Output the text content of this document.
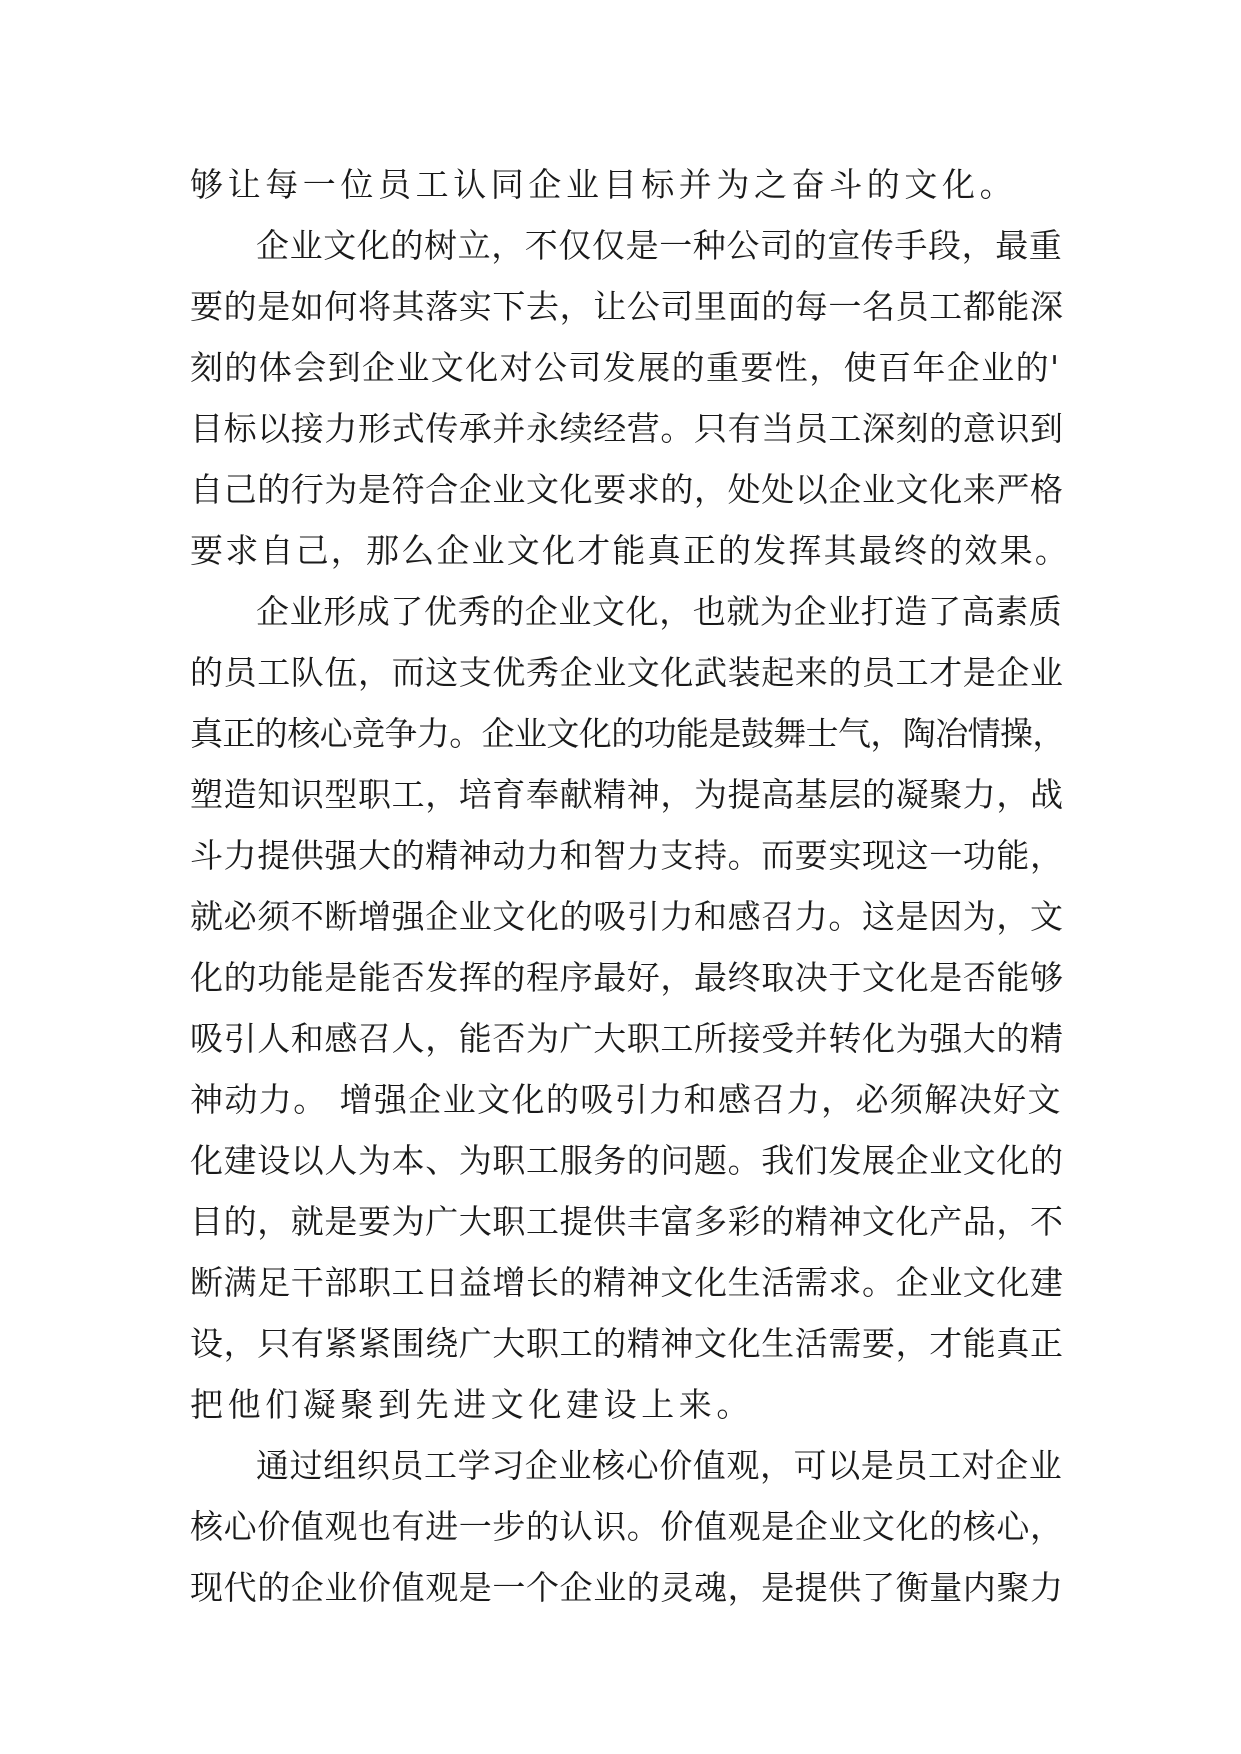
够让每一位员工认同企业目标并为之奋斗的文化。
企业文化的树立，不仅仅是一种公司的宣传手段，最重
要的是如何将其落实下去，让公司里面的每一名员工都能深
刻的体会到企业文化对公司发展的重要性，使百年企业的'
目标以接力形式传承并永续经营。只有当员工深刻的意识到
自己的行为是符合企业文化要求的，处处以企业文化来严格
要求自己，那么企业文化才能真正的发挥其最终的效果。
企业形成了优秀的企业文化，也就为企业打造了高素质
的员工队伍，而这支优秀企业文化武装起来的员工才是企业
真正的核心竞争力。企业文化的功能是鼓舞士气，陶冶情操，
塑造知识型职工，培育奉献精神，为提高基层的凝聚力，战
斗力提供强大的精神动力和智力支持。而要实现这一功能，
就必须不断增强企业文化的吸引力和感召力。这是因为，文
化的功能是能否发挥的程序最好，最终取决于文化是否能够
吸引人和感召人，能否为广大职工所接受并转化为强大的精
神动力。 增强企业文化的吸引力和感召力，必须解决好文
化建设以人为本、为职工服务的问题。我们发展企业文化的
目的，就是要为广大职工提供丰富多彩的精神文化产品，不
断满足干部职工日益增长的精神文化生活需求。企业文化建
设，只有紧紧围绕广大职工的精神文化生活需要，才能真正
把他们凝聚到先进文化建设上来。
通过组织员工学习企业核心价值观，可以是员工对企业
核心价值观也有进一步的认识。价值观是企业文化的核心，
现代的企业价值观是一个企业的灵魂，是提供了衡量内聚力
